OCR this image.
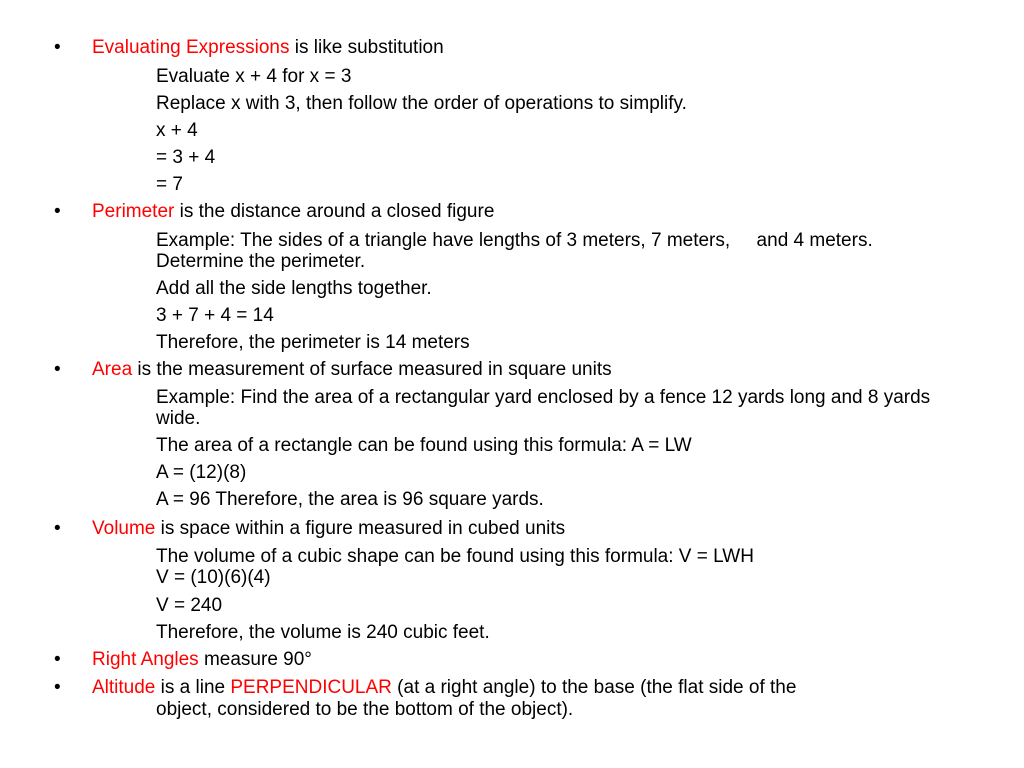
• Evaluating Expressions is like substitution
Evaluate x + 4 for x = 3
Replace x with 3, then follow the order of operations to simplify.
x + 4
= 3 + 4
= 7
• Perimeter is the distance around a closed figure
Example: The sides of a triangle have lengths of 3 meters, 7 meters,     and 4 meters.  Determine the perimeter.
Add all the side lengths together.
3 + 7 + 4 = 14
Therefore, the perimeter is 14 meters
• Area is the measurement of surface measured in square units
Example: Find the area of a rectangular yard enclosed by a fence 12 yards long and 8 yards wide.
The area of a rectangle can be found using this formula: A = LW
A = (12)(8)
A = 96 Therefore, the area is 96 square yards.
• Volume is space within a figure measured in cubed units
The volume of a cubic shape can be found using this formula: V = LWH
V = (10)(6)(4)
V = 240
Therefore, the volume is 240 cubic feet.
• Right Angles measure 90°
• Altitude is a line PERPENDICULAR (at a right angle) to the base (the flat side of the
object, considered to be the bottom of the object).
